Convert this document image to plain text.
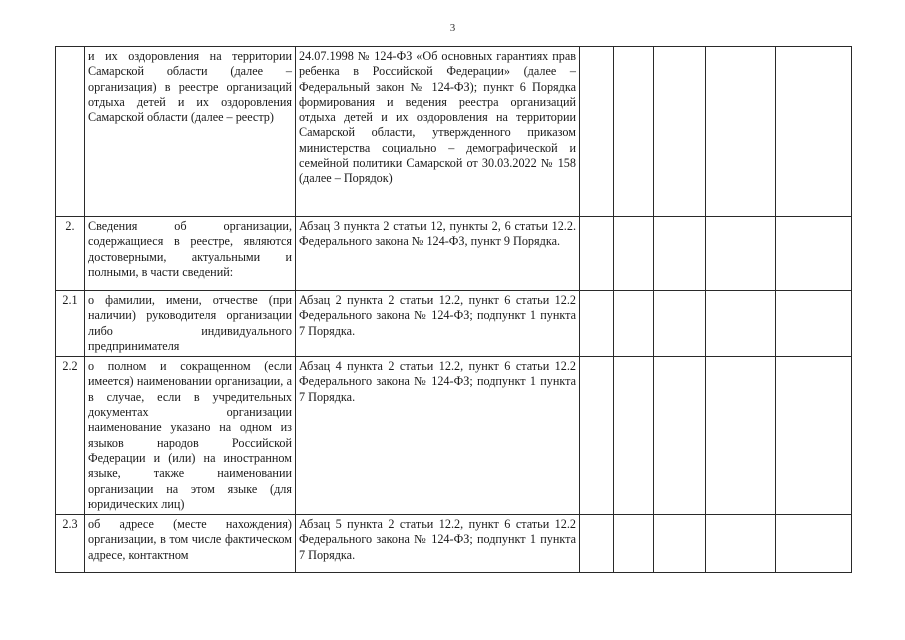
3
	и их оздоровления на территории Самарской области (далее – организация) в реестре организаций отдыха детей и их оздоровления Самарской области (далее – реестр)	24.07.1998 № 124-ФЗ «Об основных гарантиях прав ребенка в Российской Федерации» (далее – Федеральный закон № 124-ФЗ); пункт 6 Порядка формирования и ведения реестра организаций отдыха детей и их оздоровления на территории Самарской области, утвержденного приказом министерства социально – демографической и семейной политики Самарской от 30.03.2022 № 158 (далее – Порядок)					
2.	Сведения об организации, содержащиеся в реестре, являются достоверными, актуальными и полными, в части сведений:	Абзац 3 пункта 2 статьи 12, пункты 2, 6 статьи 12.2. Федерального закона № 124-ФЗ, пункт 9 Порядка.					
2.1	о фамилии, имени, отчестве (при наличии) руководителя организации либо индивидуального предпринимателя	Абзац 2 пункта 2 статьи 12.2, пункт 6 статьи 12.2 Федерального закона № 124-ФЗ; подпункт 1 пункта 7 Порядка.					
2.2	о полном и сокращенном (если имеется) наименовании организации, а в случае, если в учредительных документах организации наименование указано на одном из языков народов Российской Федерации и (или) на иностранном языке, также наименовании организации на этом языке (для юридических лиц)	Абзац 4 пункта 2 статьи 12.2, пункт 6 статьи 12.2 Федерального закона № 124-ФЗ; подпункт 1 пункта 7 Порядка.					
2.3	об адресе (месте нахождения) организации, в том числе фактическом адресе, контактном	Абзац 5 пункта 2 статьи 12.2, пункт 6 статьи 12.2 Федерального закона № 124-ФЗ; подпункт 1 пункта 7 Порядка.					
